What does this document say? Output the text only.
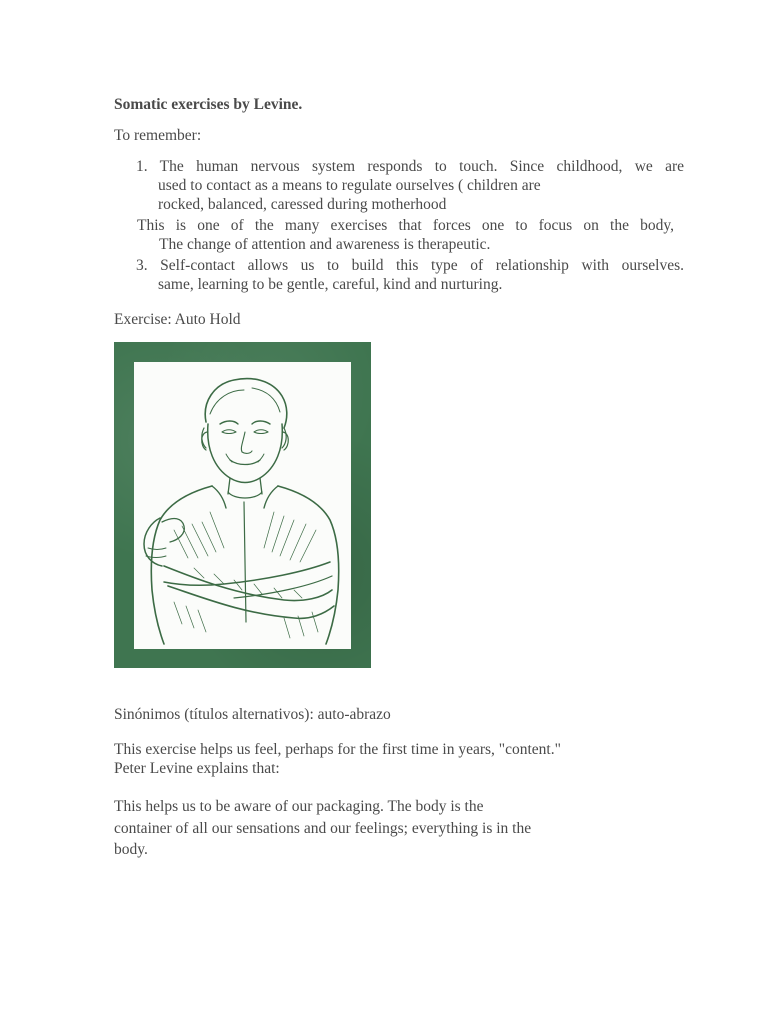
Somatic exercises by Levine.

To remember:

1. The human nervous system responds to touch. Since childhood, we are
used to contact as a means to regulate ourselves ( children are
rocked, balanced, caressed during motherhood
This is one of the many exercises that forces one to focus on the body,
The change of attention and awareness is therapeutic.
3. Self-contact allows us to build this type of relationship with ourselves.
same, learning to be gentle, careful, kind and nurturing.

Exercise: Auto Hold

Sinónimos (títulos alternativos): auto-abrazo

This exercise helps us feel, perhaps for the first time in years, "content."
Peter Levine explains that:

This helps us to be aware of our packaging. The body is the
container of all our sensations and our feelings; everything is in the
body.
